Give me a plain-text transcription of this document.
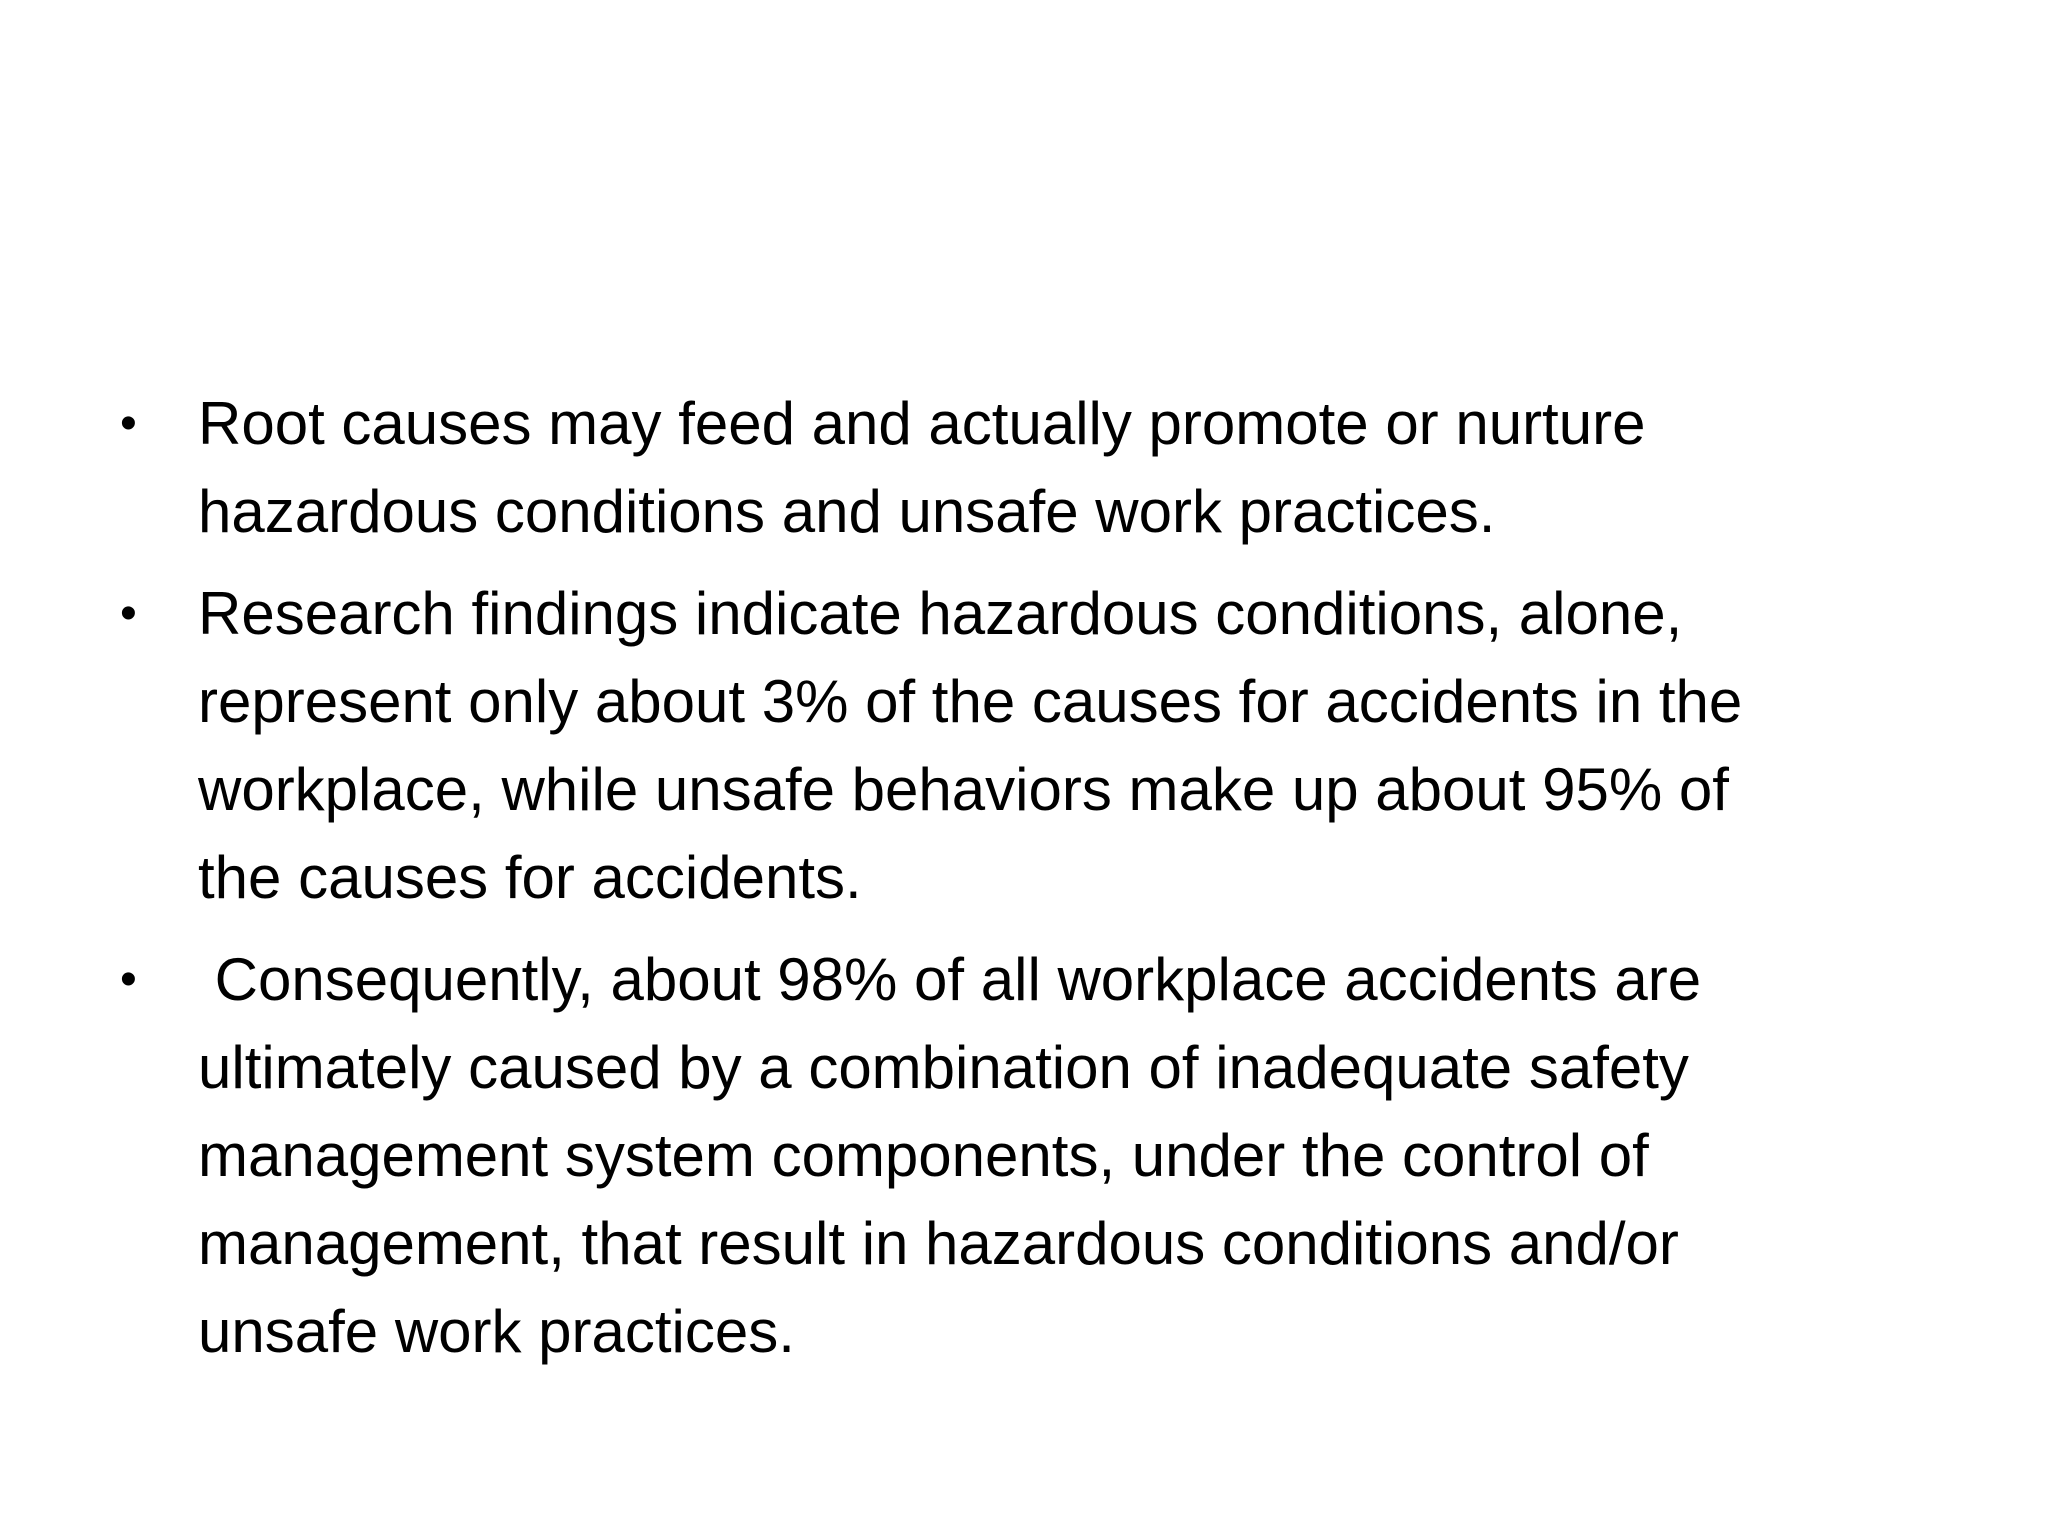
•	Root causes may feed and actually promote or nurture
hazardous conditions and unsafe work practices.
•	Research findings indicate hazardous conditions, alone,
represent only about 3% of the causes for accidents in the
workplace, while unsafe behaviors make up about 95% of
the causes for accidents.
•	Consequently, about 98% of all workplace accidents are
ultimately caused by a combination of inadequate safety
management system components, under the control of
management, that result in hazardous conditions and/or
unsafe work practices.
